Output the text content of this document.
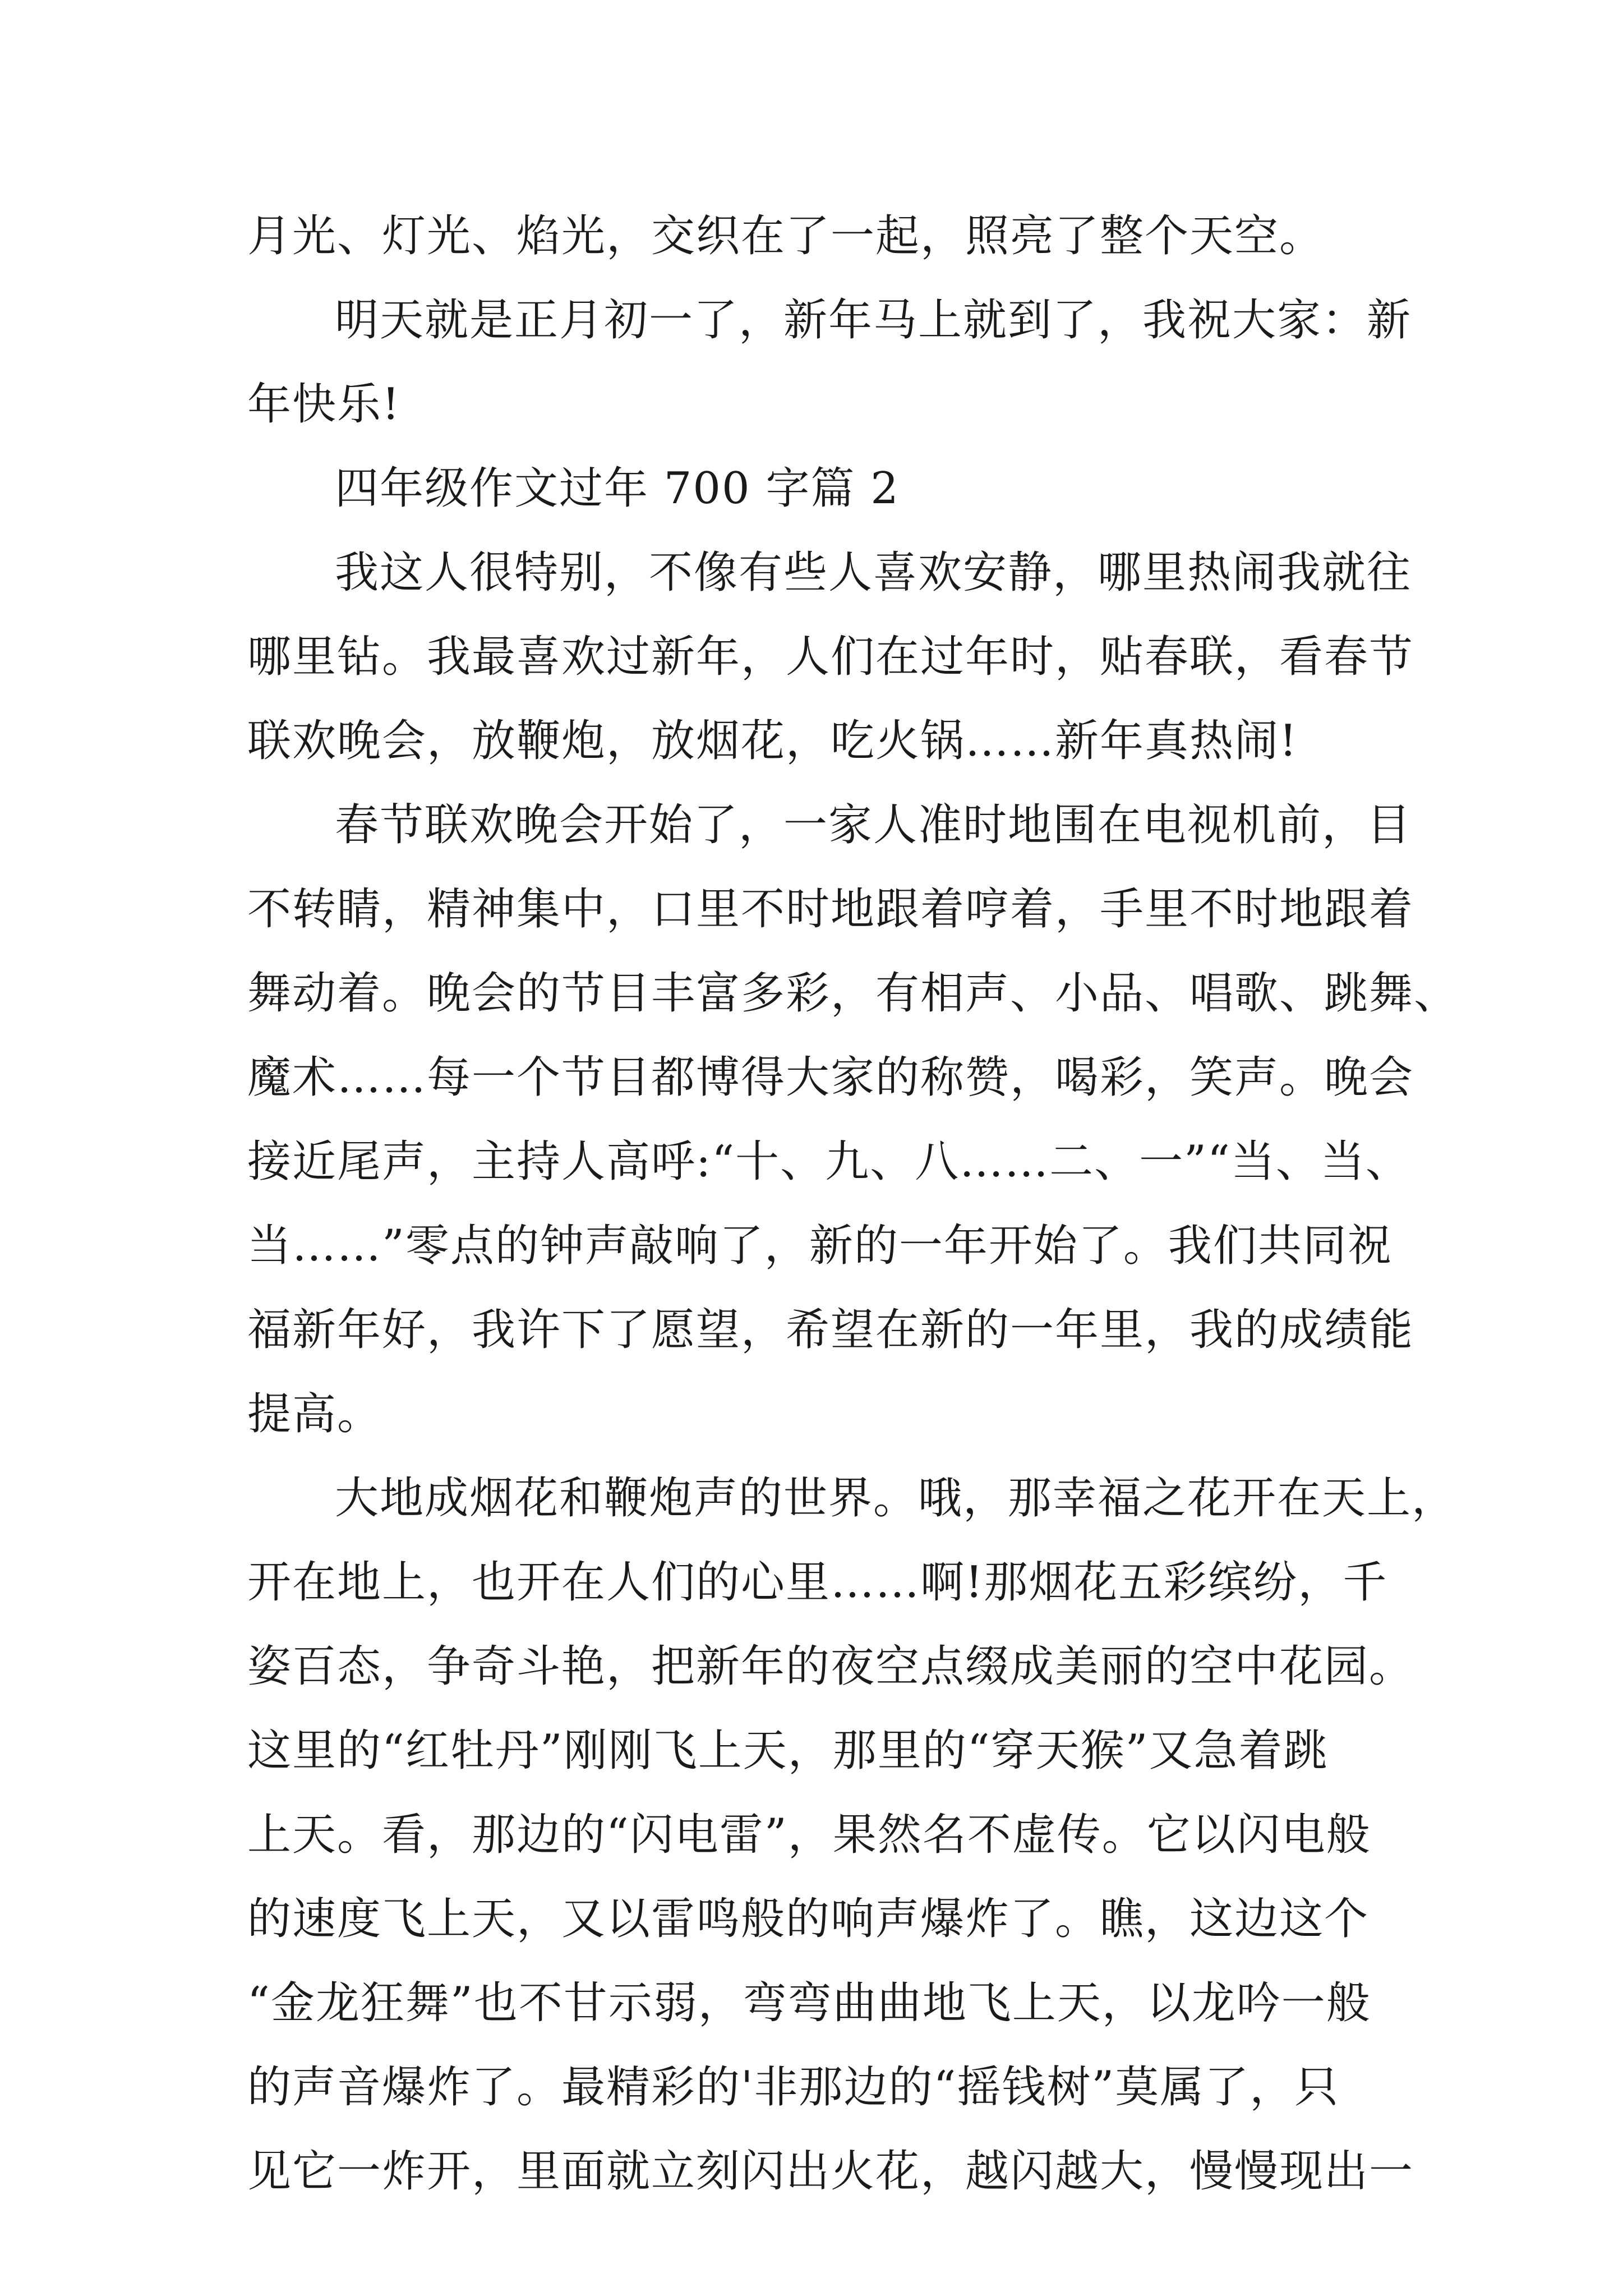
月光、灯光、焰光，交织在了一起，照亮了整个天空。
明天就是正月初一了，新年马上就到了，我祝大家：新
年快乐!
四年级作文过年 700 字篇 2
我这人很特别，不像有些人喜欢安静，哪里热闹我就往
哪里钻。我最喜欢过新年，人们在过年时，贴春联，看春节
联欢晚会，放鞭炮，放烟花，吃火锅……新年真热闹!
春节联欢晚会开始了，一家人准时地围在电视机前，目
不转睛，精神集中，口里不时地跟着哼着，手里不时地跟着
舞动着。晚会的节目丰富多彩，有相声、小品、唱歌、跳舞、
魔术……每一个节目都博得大家的称赞，喝彩，笑声。晚会
接近尾声，主持人高呼:“十、九、八……二、一”“当、当、
当……”零点的钟声敲响了，新的一年开始了。我们共同祝
福新年好，我许下了愿望，希望在新的一年里，我的成绩能
提高。
大地成烟花和鞭炮声的世界。哦，那幸福之花开在天上，
开在地上，也开在人们的心里……啊!那烟花五彩缤纷，千
姿百态，争奇斗艳，把新年的夜空点缀成美丽的空中花园。
这里的“红牡丹”刚刚飞上天，那里的“穿天猴”又急着跳
上天。看，那边的“闪电雷”，果然名不虚传。它以闪电般
的速度飞上天，又以雷鸣般的响声爆炸了。瞧，这边这个
“金龙狂舞”也不甘示弱，弯弯曲曲地飞上天，以龙吟一般
的声音爆炸了。最精彩的'非那边的“摇钱树”莫属了，只
见它一炸开，里面就立刻闪出火花，越闪越大，慢慢现出一
